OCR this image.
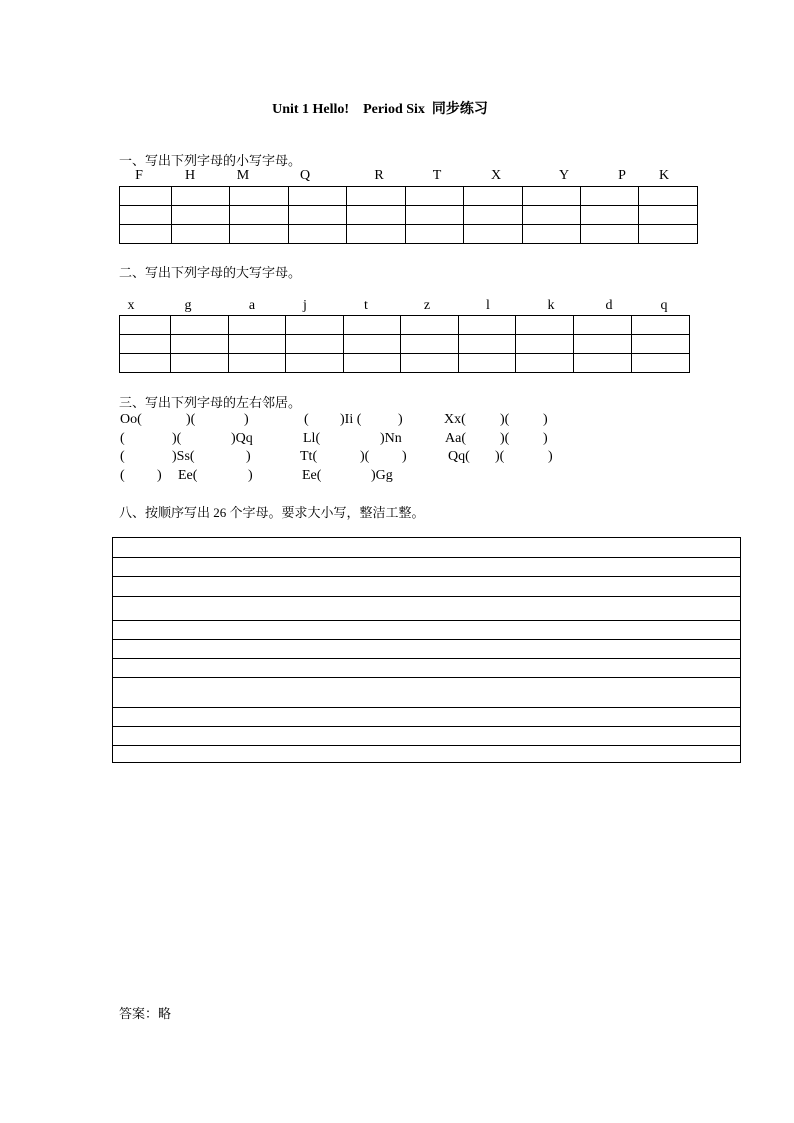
Unit 1 Hello!    Period Six  同步练习
一、写出下列字母的小写字母。
F	H	M	Q	R	T	X	Y	P K

二、写出下列字母的大写字母。
x	g	a	j	t	z	l	k	d	q

三、写出下列字母的左右邻居。
Oo(	)(	)	( )Ii (	)	Xx( )( )
(	)(	)Qq	Ll(	)Nn	Aa( )( )
(	)Ss(	)	Tt(	)( )	Qq( )(	)
( ) Ee(	)	Ee(	)Gg
八、按顺序写出 26 个字母。要求大小写，整洁工整。
答案：略
